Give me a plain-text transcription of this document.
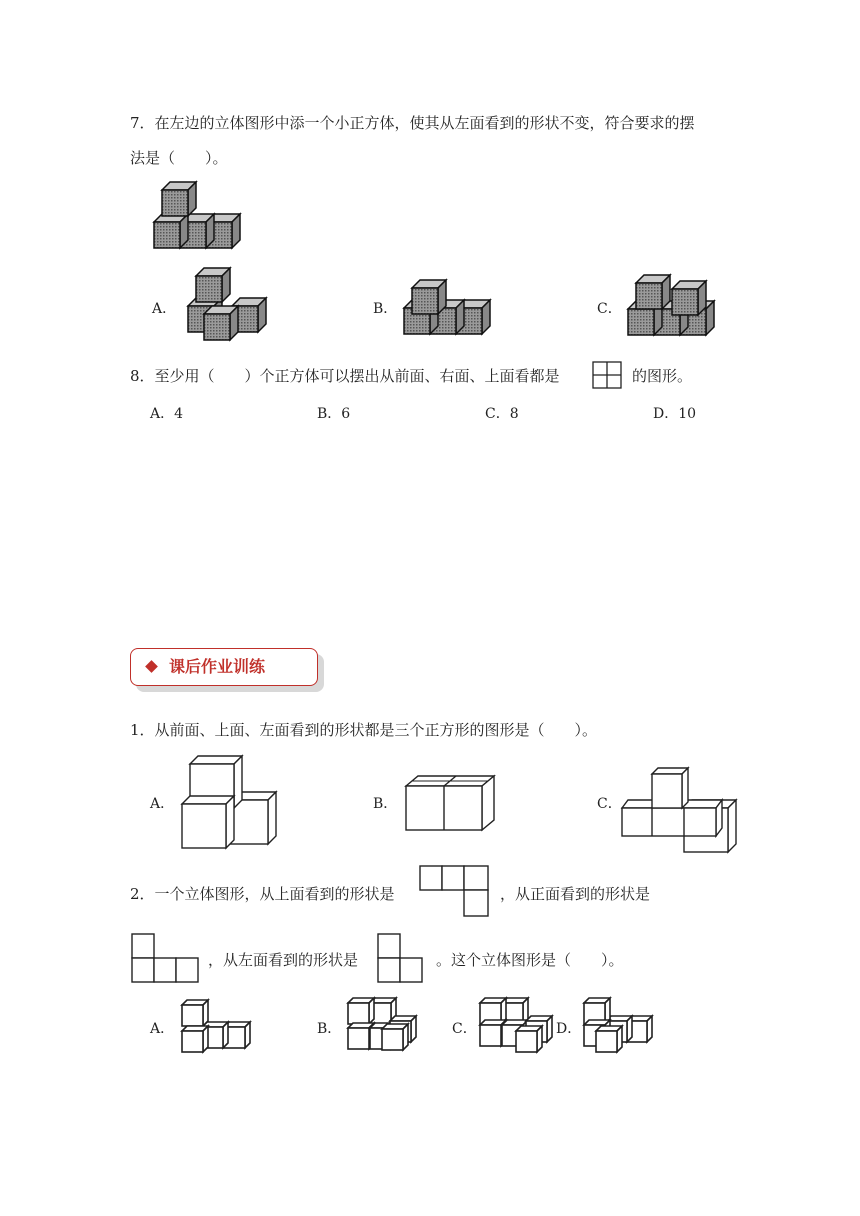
7．在左边的立体图形中添一个小正方体，使其从左面看到的形状不变，符合要求的摆
法是（　　）。
A．	B．	C．
8．至少用（　　）个正方体可以摆出从前面、右面、上面看都是	的图形。
A．4	B．6	C．8	D．10
课后作业训练
1．从前面、上面、左面看到的形状都是三个正方形的图形是（　　）。
A．	B．	C．
2．一个立体图形，从上面看到的形状是	，从正面看到的形状是
，从左面看到的形状是	。这个立体图形是（　　）。
A．	B．	C．	D．
